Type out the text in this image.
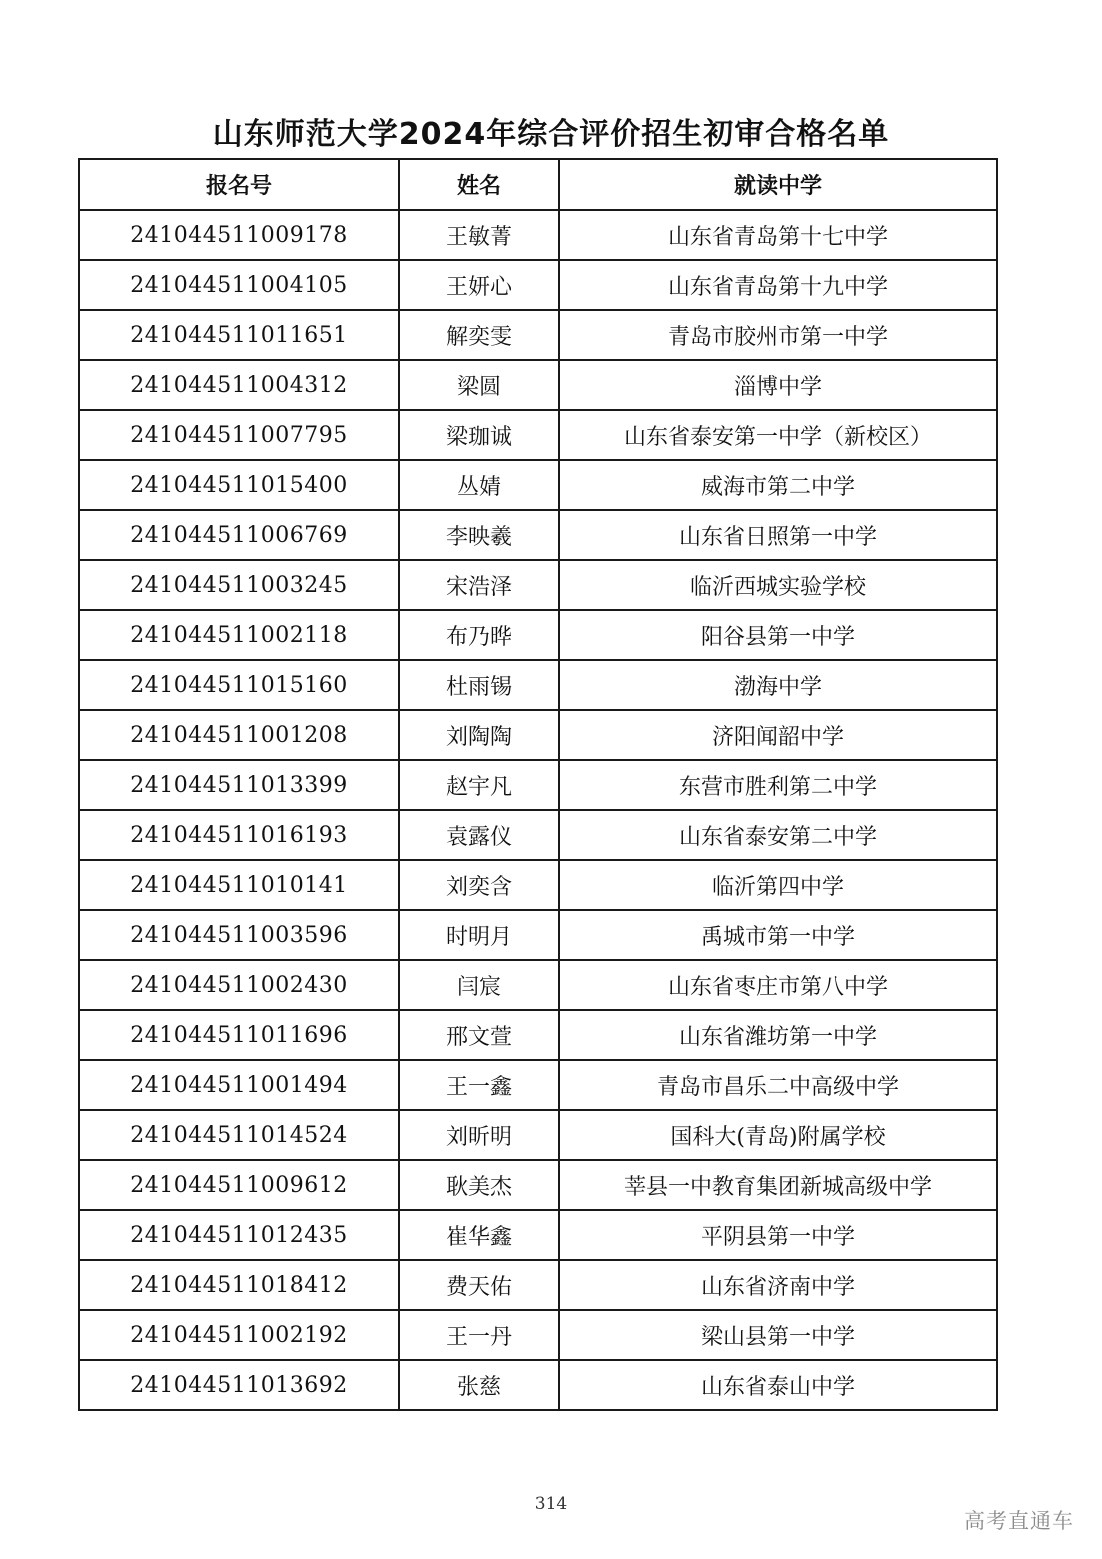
山东师范大学2024年综合评价招生初审合格名单
报名号	姓名	就读中学
241044511009178	王敏菁	山东省青岛第十七中学
241044511004105	王妍心	山东省青岛第十九中学
241044511011651	解奕雯	青岛市胶州市第一中学
241044511004312	梁圆	淄博中学
241044511007795	梁珈诚	山东省泰安第一中学（新校区）
241044511015400	丛婧	威海市第二中学
241044511006769	李映羲	山东省日照第一中学
241044511003245	宋浩泽	临沂西城实验学校
241044511002118	布乃晔	阳谷县第一中学
241044511015160	杜雨锡	渤海中学
241044511001208	刘陶陶	济阳闻韶中学
241044511013399	赵宇凡	东营市胜利第二中学
241044511016193	袁露仪	山东省泰安第二中学
241044511010141	刘奕含	临沂第四中学
241044511003596	时明月	禹城市第一中学
241044511002430	闫宸	山东省枣庄市第八中学
241044511011696	邢文萱	山东省潍坊第一中学
241044511001494	王一鑫	青岛市昌乐二中高级中学
241044511014524	刘昕明	国科大(青岛)附属学校
241044511009612	耿美杰	莘县一中教育集团新城高级中学
241044511012435	崔华鑫	平阴县第一中学
241044511018412	费天佑	山东省济南中学
241044511002192	王一丹	梁山县第一中学
241044511013692	张慈	山东省泰山中学
314
高考直通车
